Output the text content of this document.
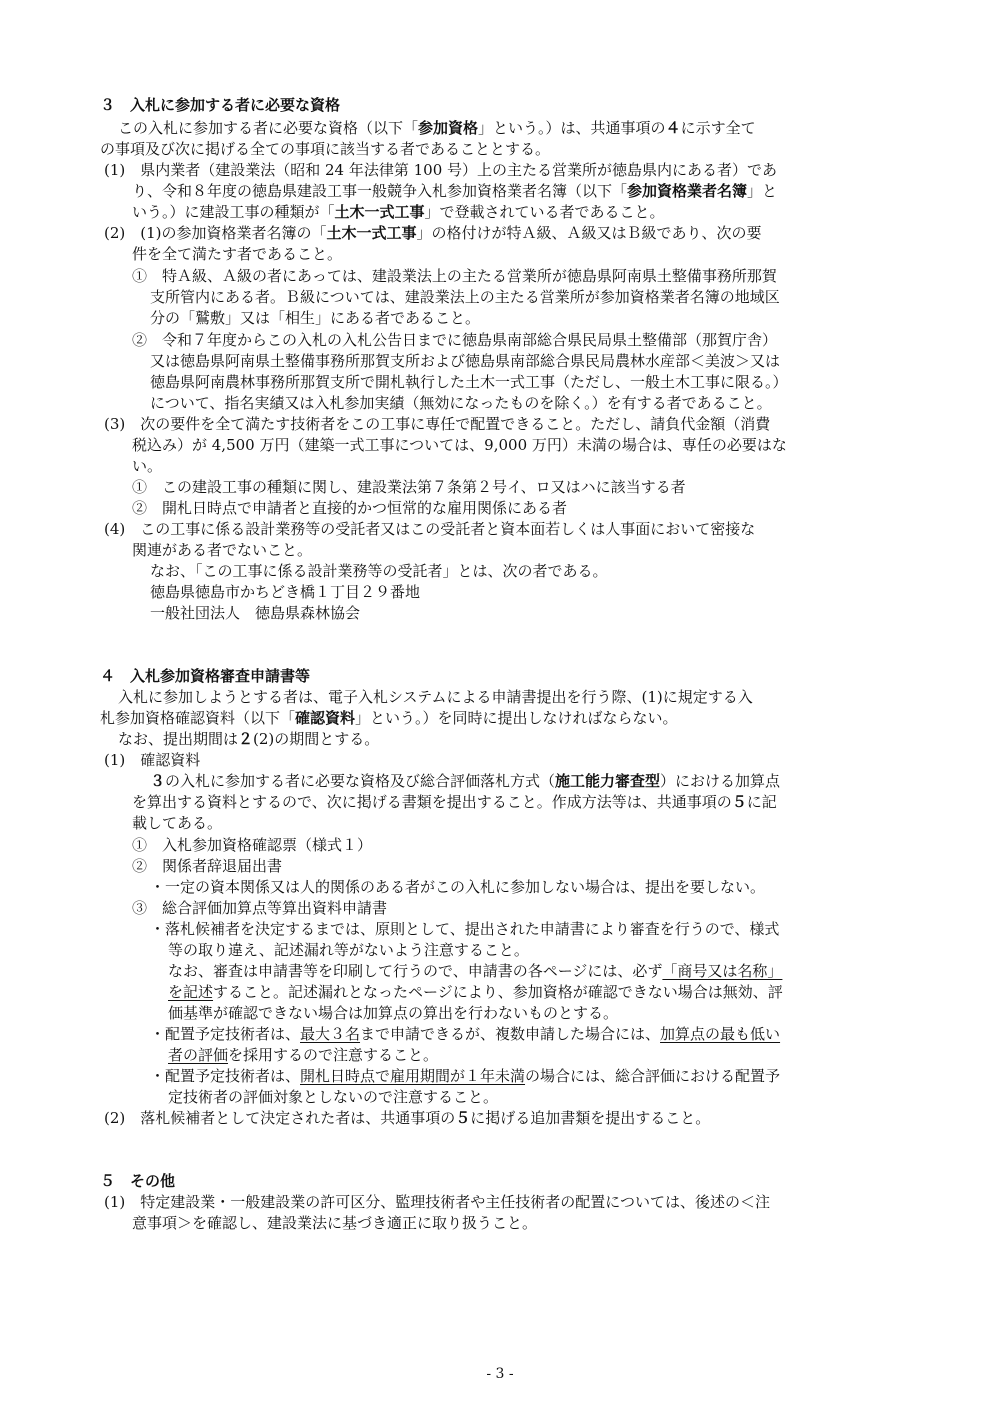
３　入札に参加する者に必要な資格
この入札に参加する者に必要な資格（以下「参加資格」という。）は、共通事項の４に示す全て
の事項及び次に掲げる全ての事項に該当する者であることとする。
(1)　県内業者（建設業法（昭和 24 年法律第 100 号）上の主たる営業所が徳島県内にある者）であ
り、令和８年度の徳島県建設工事一般競争入札参加資格業者名簿（以下「参加資格業者名簿」と
いう。）に建設工事の種類が「土木一式工事」で登載されている者であること。
(2)　(1)の参加資格業者名簿の「土木一式工事」の格付けが特Ａ級、Ａ級又はＢ級であり、次の要
件を全て満たす者であること。
①　特Ａ級、Ａ級の者にあっては、建設業法上の主たる営業所が徳島県阿南県土整備事務所那賀
支所管内にある者。Ｂ級については、建設業法上の主たる営業所が参加資格業者名簿の地域区
分の「鷲敷」又は「相生」にある者であること。
②　令和７年度からこの入札の入札公告日までに徳島県南部総合県民局県土整備部（那賀庁舎）
又は徳島県阿南県土整備事務所那賀支所および徳島県南部総合県民局農林水産部＜美波＞又は
徳島県阿南農林事務所那賀支所で開札執行した土木一式工事（ただし、一般土木工事に限る。）
について、指名実績又は入札参加実績（無効になったものを除く。）を有する者であること。
(3)　次の要件を全て満たす技術者をこの工事に専任で配置できること。ただし、請負代金額（消費
税込み）が 4,500 万円（建築一式工事については、9,000 万円）未満の場合は、専任の必要はな
い。
①　この建設工事の種類に関し、建設業法第７条第２号イ、ロ又はハに該当する者
②　開札日時点で申請者と直接的かつ恒常的な雇用関係にある者
(4)　この工事に係る設計業務等の受託者又はこの受託者と資本面若しくは人事面において密接な
関連がある者でないこと。
なお、「この工事に係る設計業務等の受託者」とは、次の者である。
徳島県徳島市かちどき橋１丁目２９番地
一般社団法人　徳島県森林協会
４　入札参加資格審査申請書等
入札に参加しようとする者は、電子入札システムによる申請書提出を行う際、(1)に規定する入
札参加資格確認資料（以下「確認資料」という。）を同時に提出しなければならない。
なお、提出期間は２(2)の期間とする。
(1)　確認資料
３の入札に参加する者に必要な資格及び総合評価落札方式（施工能力審査型）における加算点
を算出する資料とするので、次に掲げる書類を提出すること。作成方法等は、共通事項の５に記
載してある。
①　入札参加資格確認票（様式１）
②　関係者辞退届出書
・一定の資本関係又は人的関係のある者がこの入札に参加しない場合は、提出を要しない。
③　総合評価加算点等算出資料申請書
・落札候補者を決定するまでは、原則として、提出された申請書により審査を行うので、様式
等の取り違え、記述漏れ等がないよう注意すること。
なお、審査は申請書等を印刷して行うので、申請書の各ページには、必ず「商号又は名称」
を記述すること。記述漏れとなったページにより、参加資格が確認できない場合は無効、評
価基準が確認できない場合は加算点の算出を行わないものとする。
・配置予定技術者は、最大３名まで申請できるが、複数申請した場合には、加算点の最も低い
者の評価を採用するので注意すること。
・配置予定技術者は、開札日時点で雇用期間が１年未満の場合には、総合評価における配置予
定技術者の評価対象としないので注意すること。
(2)　落札候補者として決定された者は、共通事項の５に掲げる追加書類を提出すること。
５　その他
(1)　特定建設業・一般建設業の許可区分、監理技術者や主任技術者の配置については、後述の＜注
意事項＞を確認し、建設業法に基づき適正に取り扱うこと。
- 3 -
